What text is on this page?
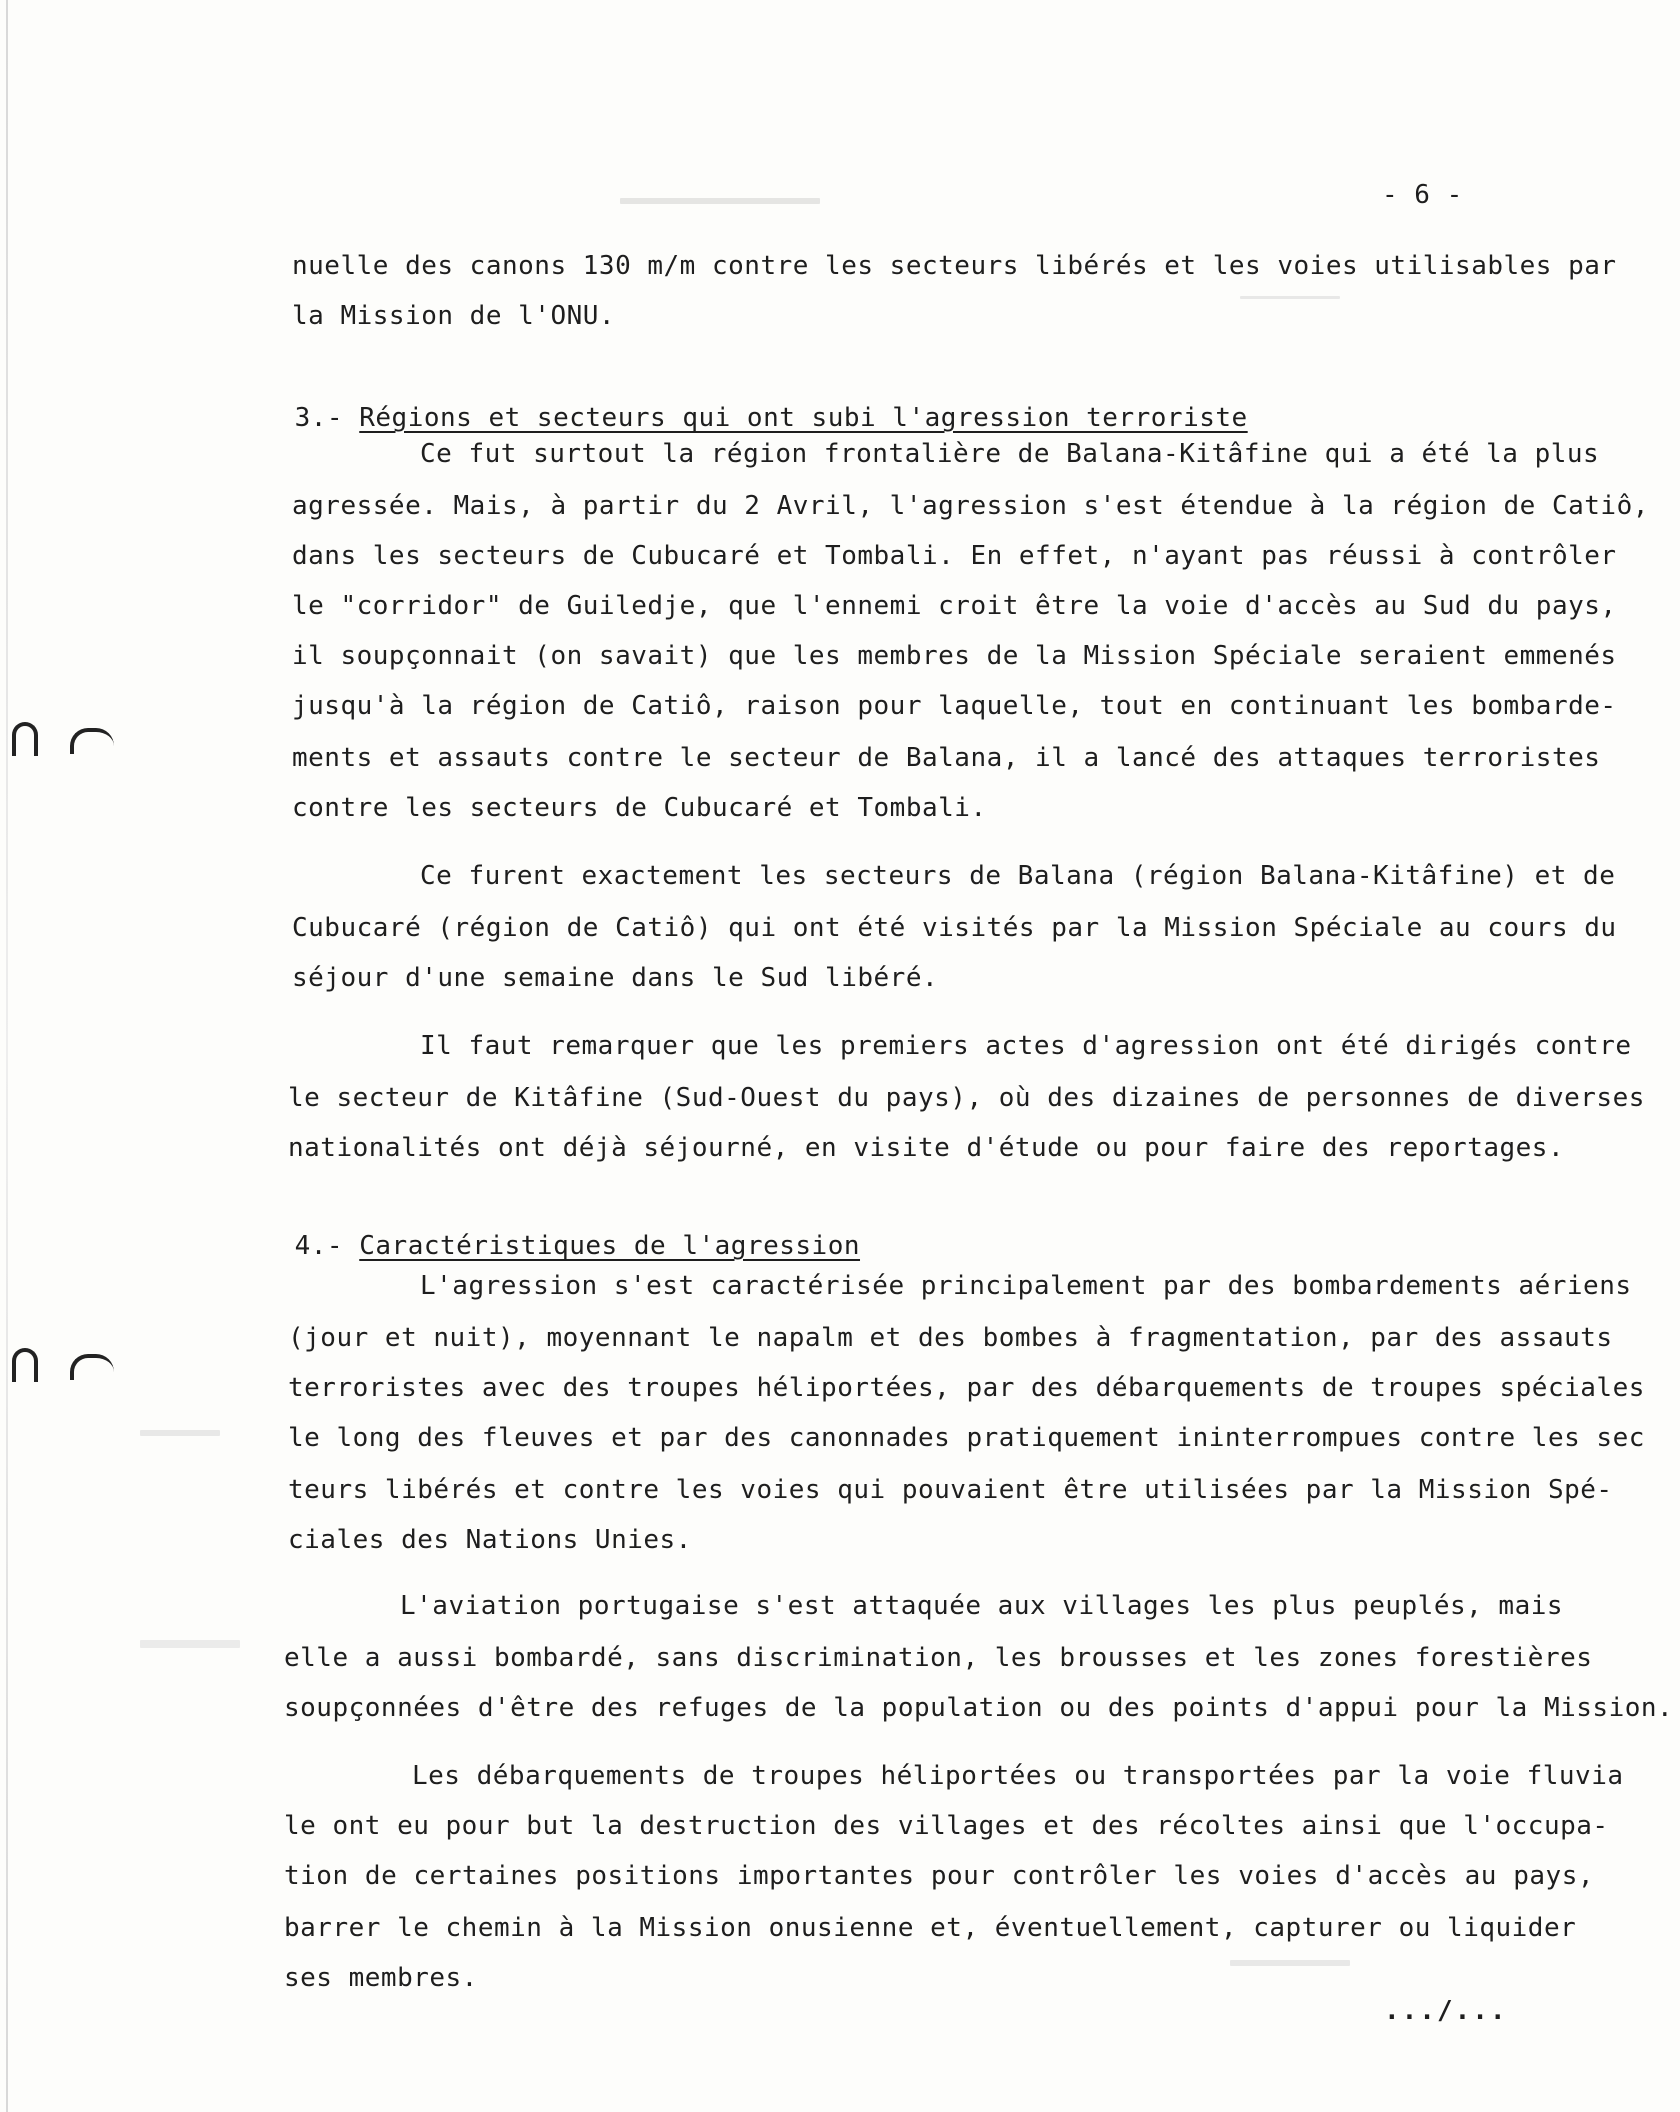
- 6 -
nuelle des canons 130 m/m contre les secteurs libérés et les voies utilisables par
la Mission de l'ONU.

3.- Régions et secteurs qui ont subi l'agression terroriste

Ce fut surtout la région frontalière de Balana-Kitâfine qui a été la plus
agressée. Mais, à partir du 2 Avril, l'agression s'est étendue à la région de Catiô,
dans les secteurs de Cubucaré et Tombali. En effet, n'ayant pas réussi à contrôler
le "corridor" de Guiledje, que l'ennemi croit être la voie d'accès au Sud du pays,
il soupçonnait (on savait) que les membres de la Mission Spéciale seraient emmenés
jusqu'à la région de Catiô, raison pour laquelle, tout en continuant les bombarde-
ments et assauts contre le secteur de Balana, il a lancé des attaques terroristes
contre les secteurs de Cubucaré et Tombali.
Ce furent exactement les secteurs de Balana (région Balana-Kitâfine) et de
Cubucaré (région de Catiô) qui ont été visités par la Mission Spéciale au cours du
séjour d'une semaine dans le Sud libéré.
Il faut remarquer que les premiers actes d'agression ont été dirigés contre
le secteur de Kitâfine (Sud-Ouest du pays), où des dizaines de personnes de diverses
nationalités ont déjà séjourné, en visite d'étude ou pour faire des reportages.

4.- Caractéristiques de l'agression

L'agression s'est caractérisée principalement par des bombardements aériens
(jour et nuit), moyennant le napalm et des bombes à fragmentation, par des assauts
terroristes avec des troupes héliportées, par des débarquements de troupes spéciales
le long des fleuves et par des canonnades pratiquement ininterrompues contre les sec
teurs libérés et contre les voies qui pouvaient être utilisées par la Mission Spé-
ciales des Nations Unies.
L'aviation portugaise s'est attaquée aux villages les plus peuplés, mais
elle a aussi bombardé, sans discrimination, les brousses et les zones forestières
soupçonnées d'être des refuges de la population ou des points d'appui pour la Mission.
Les débarquements de troupes héliportées ou transportées par la voie fluvia
le ont eu pour but la destruction des villages et des récoltes ainsi que l'occupa-
tion de certaines positions importantes pour contrôler les voies d'accès au pays,
barrer le chemin à la Mission onusienne et, éventuellement, capturer ou liquider
ses membres.
.../...
